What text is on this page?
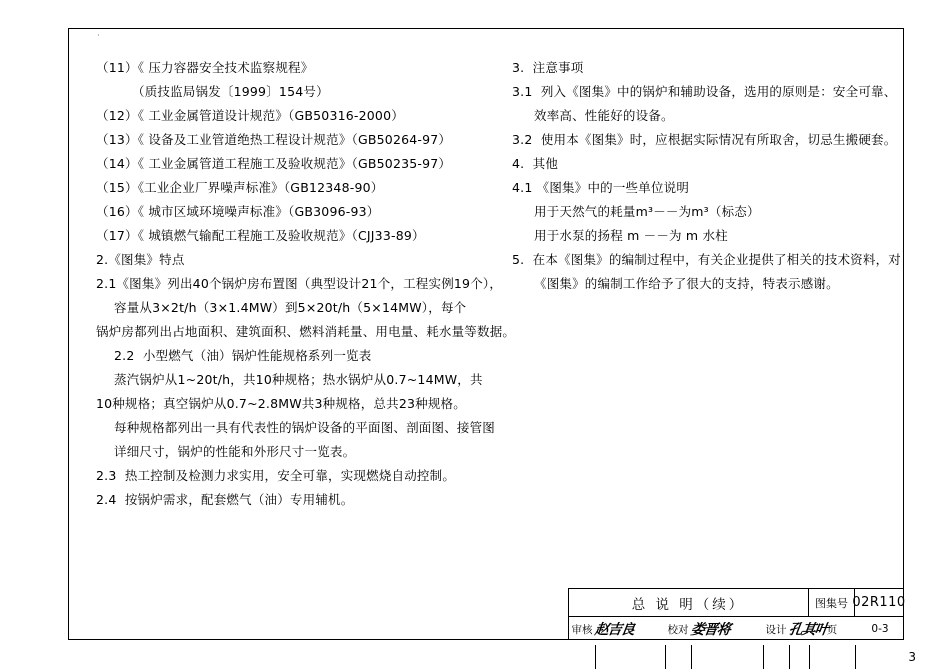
˙
（11）《 压力容器安全技术监察规程》
（质技监局锅发〔1999〕154号）
（12）《 工业金属管道设计规范》（GB50316-2000）
（13）《 设备及工业管道绝热工程设计规范》（GB50264-97）
（14）《 工业金属管道工程施工及验收规范》（GB50235-97）
（15）《工业企业厂界噪声标准》（GB12348-90）
（16）《 城市区域环境噪声标准》（GB3096-93）
（17）《 城镇燃气输配工程施工及验收规范》（CJJ33-89）
2.《图集》特点
2.1《图集》列出40个锅炉房布置图（典型设计21个，工程实例19个），
容量从3×2t/h（3×1.4MW）到5×20t/h（5×14MW），每个
锅炉房都列出占地面积、建筑面积、燃料消耗量、用电量、耗水量等数据。
2.2  小型燃气（油）锅炉性能规格系列一览表
蒸汽锅炉从1~20t/h，共10种规格；热水锅炉从0.7~14MW，共
10种规格；真空锅炉从0.7~2.8MW共3种规格，总共23种规格。
每种规格都列出一具有代表性的锅炉设备的平面图、剖面图、接管图
详细尺寸，锅炉的性能和外形尺寸一览表。
2.3  热工控制及检测力求实用，安全可靠，实现燃烧自动控制。
2.4  按锅炉需求，配套燃气（油）专用辅机。
3.  注意事项
3.1  列入《图集》中的锅炉和辅助设备，选用的原则是：安全可靠、
效率高、性能好的设备。
3.2  使用本《图集》时，应根据实际情况有所取舍，切忌生搬硬套。
4.  其他
4.1 《图集》中的一些单位说明
用于天然气的耗量m³－－为m³（标态）
用于水泵的扬程 m －－为 m 水柱
5.  在本《图集》的编制过程中，有关企业提供了相关的技术资料，对
《图集》的编制工作给予了很大的支持，特表示感谢。
总 说 明（续）	图集号 02R110
审核 赵吉良	校对 娄晋将	设计 孔其叶
页	0-3
3
